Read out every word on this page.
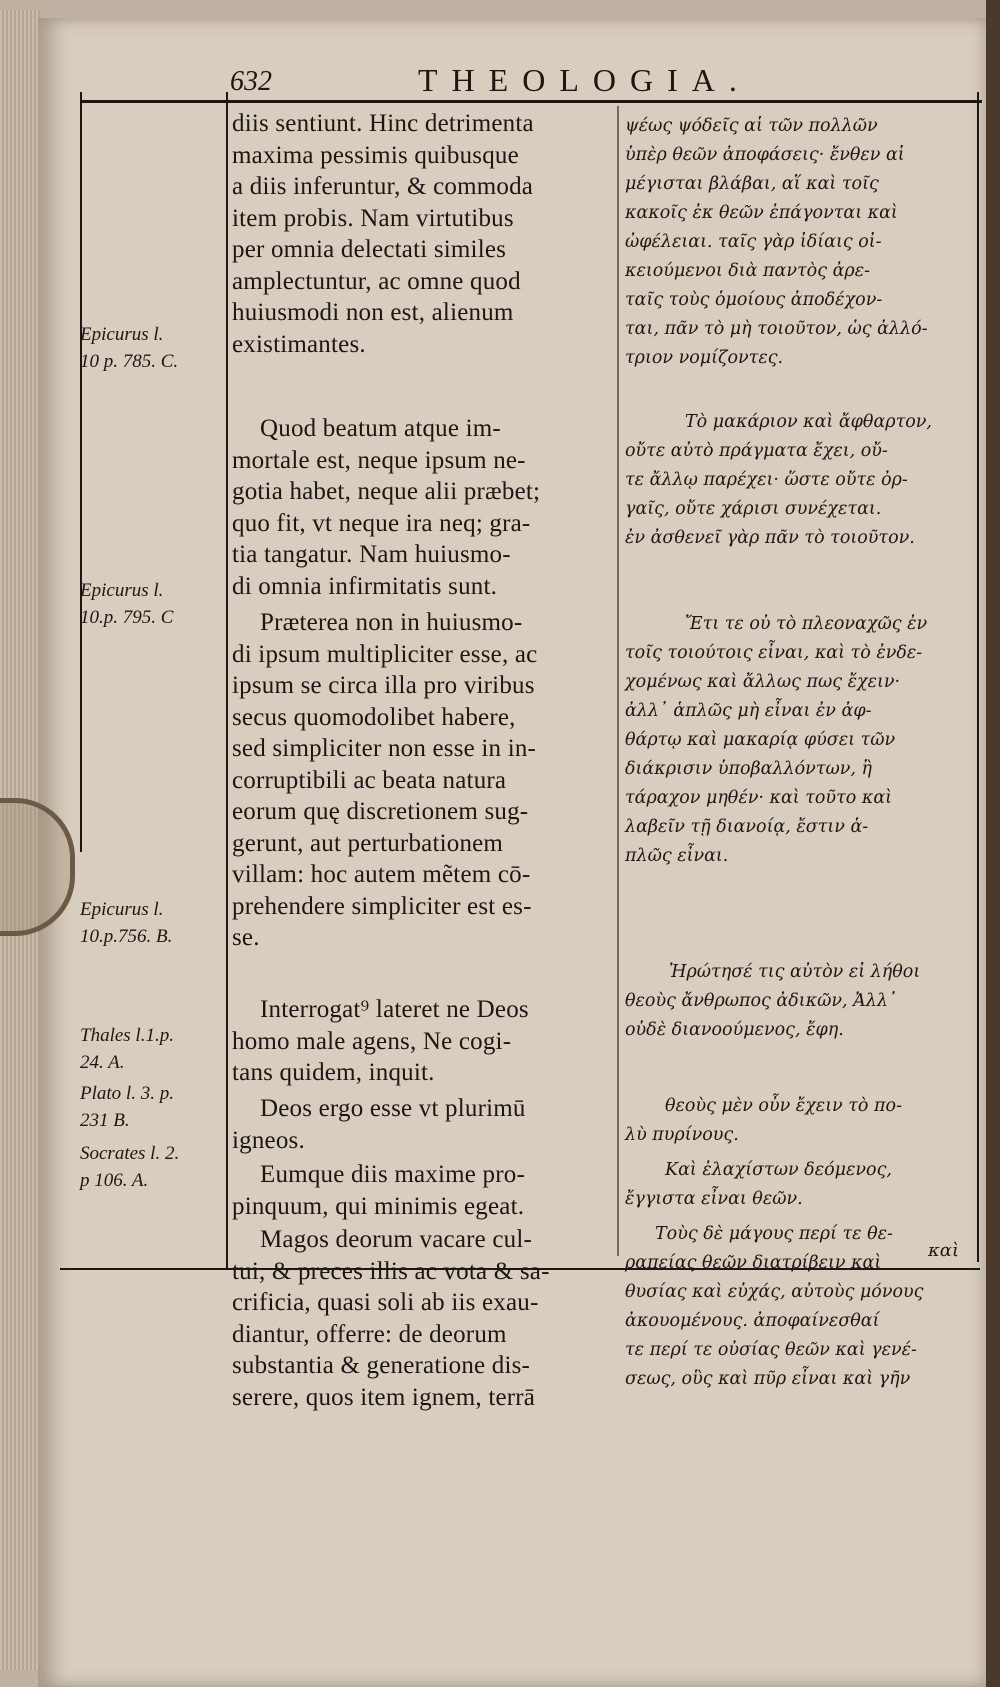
632	THEOLOGIA.
Epicurus l.
10 p. 785. C.
Epicurus l.
10.p. 795. C
Epicurus l.
10.p.756. B.
Thales l.1.p.
24. A.
Plato l. 3. p.
231 B.
Socrates l. 2.
p 106. A.
diis sentiunt. Hinc detrimenta
maxima pessimis quibusque
a diis inferuntur, & commoda
item probis. Nam virtutibus
per omnia delectati similes
amplectuntur, ac omne quod
huiusmodi non est, alienum
existimantes.
Quod beatum atque im-
mortale est, neque ipsum ne-
gotia habet, neque alii præbet;
quo fit, vt neque ira neq; gra-
tia tangatur. Nam huiusmo-
di omnia infirmitatis sunt.
Præterea non in huiusmo-
di ipsum multipliciter esse, ac
ipsum se circa illa pro viribus
secus quomodolibet habere,
sed simpliciter non esse in in-
corruptibili ac beata natura
eorum quę discretionem sug-
gerunt, aut perturbationem
villam: hoc autem mẽtem cō-
prehendere simpliciter est es-
se.
Interrogat⁹ lateret ne Deos
homo male agens, Ne cogi-
tans quidem, inquit.
Deos ergo esse vt plurimū
igneos.
Eumque diis maxime pro-
pinquum, qui minimis egeat.
Magos deorum vacare cul-
tui, & preces illis ac vota & sa-
crificia, quasi soli ab iis exau-
diantur, offerre: de deorum
substantia & generatione dis-
serere, quos item ignem, terrā
ψέως ψόδεῖς αἱ τῶν πολλῶν
ὑπὲρ θεῶν ἀποφάσεις· ἔνθεν αἱ
μέγισται βλάβαι, αἵ καὶ τοῖς
κακοῖς ἐκ θεῶν ἐπάγονται καὶ
ὠφέλειαι. ταῖς γὰρ ἰδίαις οἰ-
κειούμενοι διὰ παντὸς ἀρε-
ταῖς τοὺς ὁμοίους ἀποδέχον-
ται, πᾶν τὸ μὴ τοιοῦτον, ὡς ἀλλό-
τριον νομίζοντες.
Τὸ μακάριον καὶ ἄφθαρτον,
οὔτε αὐτὸ πράγματα ἔχει, οὔ-
τε ἄλλῳ παρέχει· ὥστε οὔτε ὀρ-
γαῖς, οὔτε χάρισι συνέχεται.
ἐν ἀσθενεῖ γὰρ πᾶν τὸ τοιοῦτον.
Ἔτι τε οὐ τὸ πλεοναχῶς ἐν
τοῖς τοιούτοις εἶναι, καὶ τὸ ἐνδε-
χομένως καὶ ἄλλως πως ἔχειν·
ἀλλ᾽ ἁπλῶς μὴ εἶναι ἐν ἀφ-
θάρτῳ καὶ μακαρίᾳ φύσει τῶν
διάκρισιν ὑποβαλλόντων, ἢ
τάραχον μηθέν· καὶ τοῦτο καὶ
λαβεῖν τῇ διανοίᾳ, ἔστιν ἁ-
πλῶς εἶναι.
Ἠρώτησέ τις αὐτὸν εἰ λήθοι
θεοὺς ἄνθρωπος ἀδικῶν, Ἀλλ᾽
οὐδὲ διανοούμενος, ἔφη.
θεοὺς μὲν οὖν ἔχειν τὸ πο-
λὺ πυρίνους.
Καὶ ἐλαχίστων δεόμενος,
ἔγγιστα εἶναι θεῶν.
Τοὺς δὲ μάγους περί τε θε-
ραπείας θεῶν διατρίβειν καὶ
θυσίας καὶ εὐχάς, αὐτοὺς μόνους
ἀκουομένους. ἀποφαίνεσθαί
τε περί τε οὐσίας θεῶν καὶ γενέ-
σεως, οὓς καὶ πῦρ εἶναι καὶ γῆν
καὶ
